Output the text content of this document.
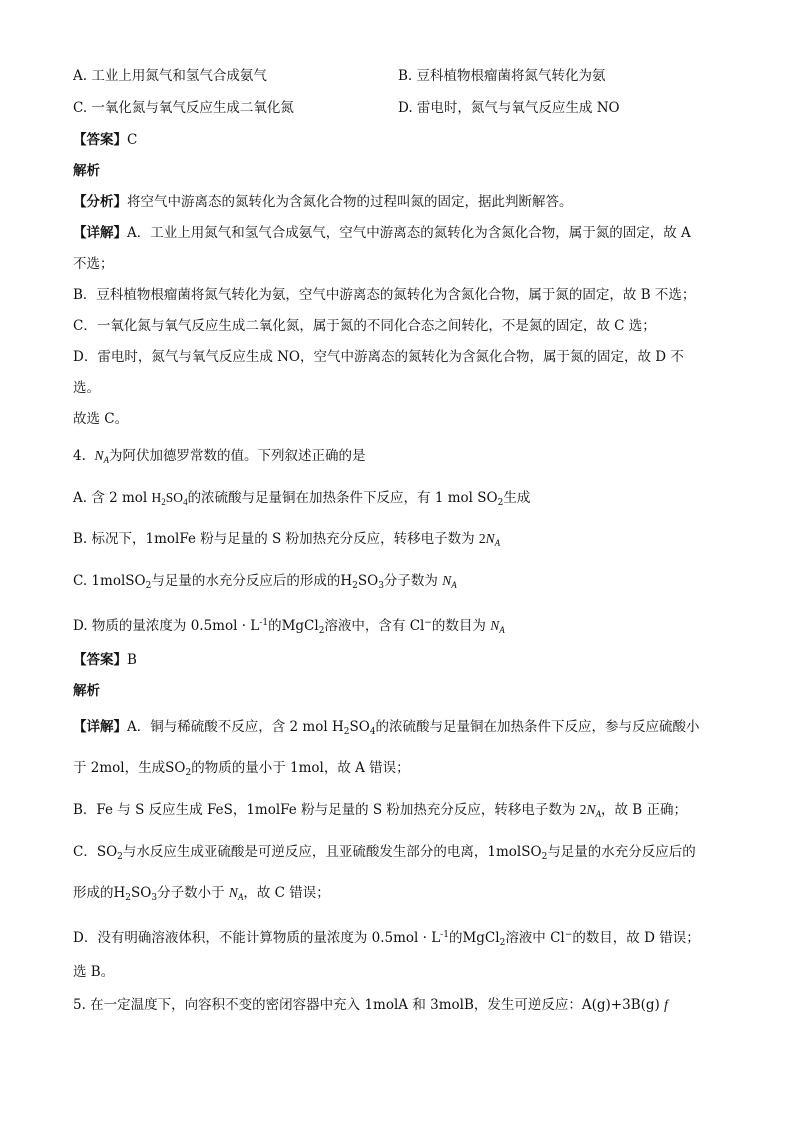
A. 工业上用氮气和氢气合成氨气	B. 豆科植物根瘤菌将氮气转化为氨
C. 一氧化氮与氧气反应生成二氧化氮	D. 雷电时，氮气与氧气反应生成 NO
【答案】C
解析
【分析】将空气中游离态的氮转化为含氮化合物的过程叫氮的固定，据此判断解答。
【详解】A．工业上用氮气和氢气合成氨气，空气中游离态的氮转化为含氮化合物，属于氮的固定，故 A
不选；
B．豆科植物根瘤菌将氮气转化为氨，空气中游离态的氮转化为含氮化合物，属于氮的固定，故 B 不选；
C．一氧化氮与氧气反应生成二氧化氮，属于氮的不同化合态之间转化，不是氮的固定，故 C 选；
D．雷电时，氮气与氧气反应生成 NO，空气中游离态的氮转化为含氮化合物，属于氮的固定，故 D 不
选。
故选 C。
4. $N_A$为阿伏加德罗常数的值。下列叙述正确的是
A. 含 2 mol $H_2SO_4$的浓硫酸与足量铜在加热条件下反应，有 1 mol $SO_2$生成
B. 标况下，1molFe 粉与足量的 S 粉加热充分反应，转移电子数为 $2N_A$
C. 1molSO$_2$与足量的水充分反应后的形成的$H_2SO_3$分子数为 $N_A$
D. 物质的量浓度为 $0.5mol \cdot L^{-1}$的MgCl$_2$溶液中，含有 Cl−的数目为 $N_A$
【答案】B
解析
【详解】A．铜与稀硫酸不反应，含 2 mol $H_2SO_4$的浓硫酸与足量铜在加热条件下反应，参与反应硫酸小
于 2mol，生成$SO_2$的物质的量小于 1mol，故 A 错误；
B．Fe 与 S 反应生成 FeS，1molFe 粉与足量的 S 粉加热充分反应，转移电子数为 $2N_A$，故 B 正确；
C．$SO_2$与水反应生成亚硫酸是可逆反应，且亚硫酸发生部分的电离，1molSO$_2$与足量的水充分反应后的
形成的$H_2SO_3$分子数小于 $N_A$，故 C 错误；
D．没有明确溶液体积，不能计算物质的量浓度为 $0.5mol \cdot L^{-1}$的MgCl$_2$溶液中 Cl−的数目，故 D 错误；
选 B。
5. 在一定温度下，向容积不变的密闭容器中充入 1molA 和 3molB，发生可逆反应：A(g)+3B(g) f
